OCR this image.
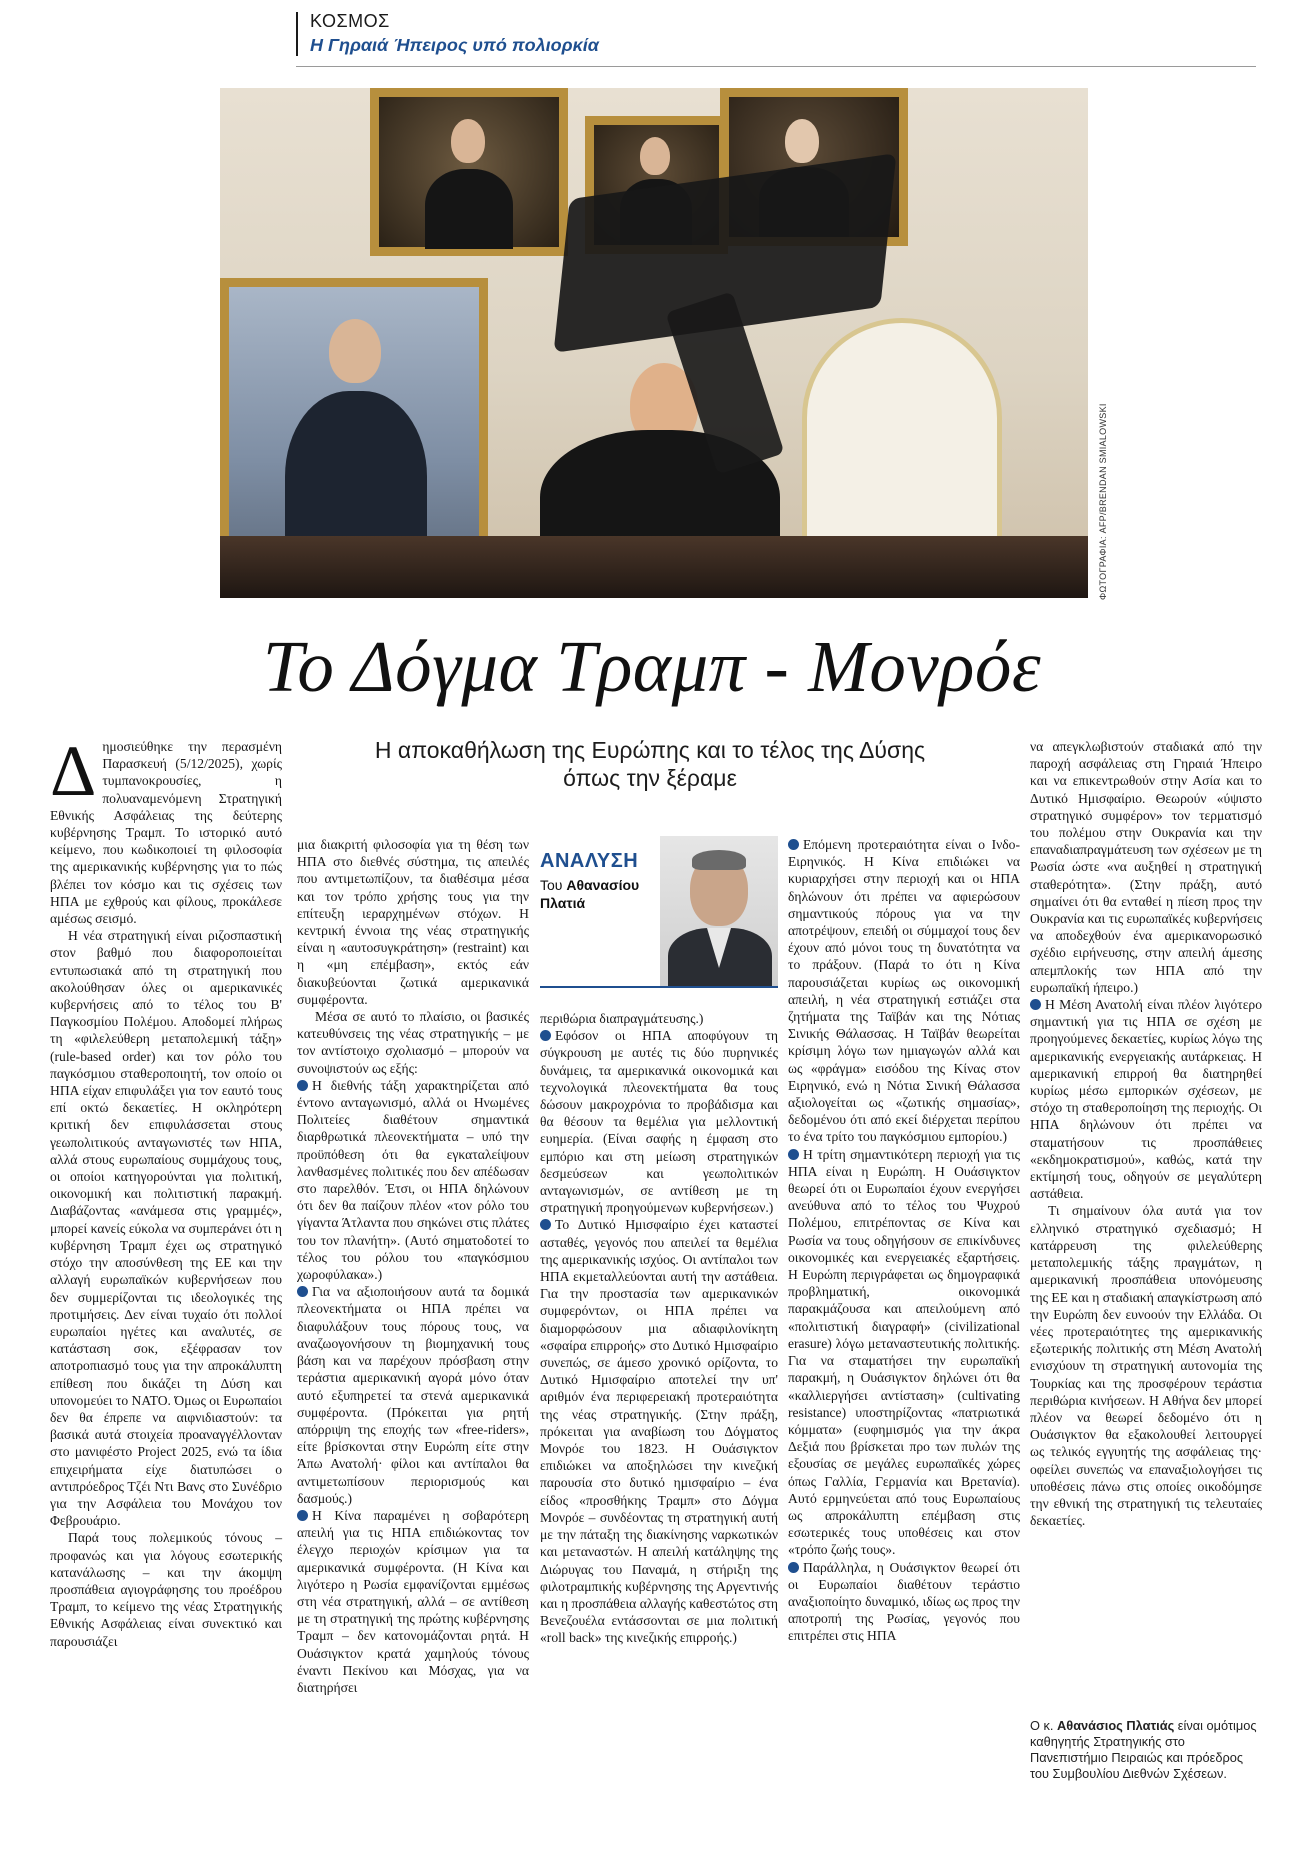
ΚΟΣΜΟΣ
Η Γηραιά Ήπειρος υπό πολιορκία
ΦΩΤΟΓΡΑΦΙΑ: AFP/BRENDAN SMIALOWSKI
Το Δόγμα Τραμπ - Μονρόε
Η αποκαθήλωση της Ευρώπης και το τέλος της Δύσης όπως την ξέραμε

Δημοσιεύθηκε την περασμένη Παρασκευή (5/12/2025), χωρίς τυμπανοκρουσίες, η πολυαναμενόμενη Στρατηγική Εθνικής Ασφάλειας της δεύτερης κυβέρνησης Τραμπ. Το ιστορικό αυτό κείμενο, που κωδικοποιεί τη φιλοσοφία της αμερικανικής κυβέρνησης για το πώς βλέπει τον κόσμο και τις σχέσεις των ΗΠΑ με εχθρούς και φίλους, προκάλεσε αμέσως σεισμό.

Η νέα στρατηγική είναι ριζοσπαστική στον βαθμό που διαφοροποιείται εντυπωσιακά από τη στρατηγική που ακολούθησαν όλες οι αμερικανικές κυβερνήσεις από το τέλος του Β' Παγκοσμίου Πολέμου. Αποδομεί πλήρως τη «φιλελεύθερη μεταπολεμική τάξη» (rule-based order) και τον ρόλο του παγκόσμιου σταθεροποιητή, τον οποίο οι ΗΠΑ είχαν επιφυλάξει για τον εαυτό τους επί οκτώ δεκαετίες. Η οκληρότερη κριτική δεν επιφυλάσσεται στους γεωπολιτικούς ανταγωνιστές των ΗΠΑ, αλλά στους ευρωπαίους συμμάχους τους, οι οποίοι κατηγορούνται για πολιτική, οικονομική και πολιτιστική παρακμή. Διαβάζοντας «ανάμεσα στις γραμμές», μπορεί κανείς εύκολα να συμπεράνει ότι η κυβέρνηση Τραμπ έχει ως στρατηγικό στόχο την αποσύνθεση της ΕΕ και την αλλαγή ευρωπαϊκών κυβερνήσεων που δεν συμμερίζονται τις ιδεολογικές της προτιμήσεις. Δεν είναι τυχαίο ότι πολλοί ευρωπαίοι ηγέτες και αναλυτές, σε κατάσταση σοκ, εξέφρασαν τον αποτροπιασμό τους για την απροκάλυπτη επίθεση που δικάζει τη Δύση και υπονομεύει το ΝΑΤΟ. Όμως οι Ευρωπαίοι δεν θα έπρεπε να αιφνιδιαστούν: τα βασικά αυτά στοιχεία προαναγγέλλονταν στο μανιφέστο Project 2025, ενώ τα ίδια επιχειρήματα είχε διατυπώσει ο αντιπρόεδρος Τζέι Ντι Βανς στο Συνέδριο για την Ασφάλεια του Μονάχου τον Φεβρουάριο.

Παρά τους πολεμικούς τόνους – προφανώς και για λόγους εσωτερικής κατανάλωσης – και την άκομψη προσπάθεια αγιογράφησης του προέδρου Τραμπ, το κείμενο της νέας Στρατηγικής Εθνικής Ασφάλειας είναι συνεκτικό και παρουσιάζει

μια διακριτή φιλοσοφία για τη θέση των ΗΠΑ στο διεθνές σύστημα, τις απειλές που αντιμετωπίζουν, τα διαθέσιμα μέσα και τον τρόπο χρήσης τους για την επίτευξη ιεραρχημένων στόχων. Η κεντρική έννοια της νέας στρατηγικής είναι η «αυτοσυγκράτηση» (restraint) και η «μη επέμβαση», εκτός εάν διακυβεύονται ζωτικά αμερικανικά συμφέροντα.

Μέσα σε αυτό το πλαίσιο, οι βασικές κατευθύνσεις της νέας στρατηγικής – με τον αντίστοιχο σχολιασμό – μπορούν να συνοψιστούν ως εξής:

Η διεθνής τάξη χαρακτηρίζεται από έντονο ανταγωνισμό, αλλά οι Ηνωμένες Πολιτείες διαθέτουν σημαντικά διαρθρωτικά πλεονεκτήματα – υπό την προϋπόθεση ότι θα εγκαταλείψουν λανθασμένες πολιτικές που δεν απέδωσαν στο παρελθόν. Έτσι, οι ΗΠΑ δηλώνουν ότι δεν θα παίζουν πλέον «τον ρόλο του γίγαντα Άτλαντα που σηκώνει στις πλάτες του τον πλανήτη». (Αυτό σηματοδοτεί το τέλος του ρόλου του «παγκόσμιου χωροφύλακα».)

Για να αξιοποιήσουν αυτά τα δομικά πλεονεκτήματα οι ΗΠΑ πρέπει να διαφυλάξουν τους πόρους τους, να αναζωογονήσουν τη βιομηχανική τους βάση και να παρέχουν πρόσβαση στην τεράστια αμερικανική αγορά μόνο όταν αυτό εξυπηρετεί τα στενά αμερικανικά συμφέροντα. (Πρόκειται για ρητή απόρριψη της εποχής των «free-riders», είτε βρίσκονται στην Ευρώπη είτε στην Άπω Ανατολή· φίλοι και αντίπαλοι θα αντιμετωπίσουν περιορισμούς και δασμούς.)

Η Κίνα παραμένει η σοβαρότερη απειλή για τις ΗΠΑ επιδιώκοντας τον έλεγχο περιοχών κρίσιμων για τα αμερικανικά συμφέροντα. (Η Κίνα και λιγότερο η Ρωσία εμφανίζονται εμμέσως στη νέα στρατηγική, αλλά – σε αντίθεση με τη στρατηγική της πρώτης κυβέρνησης Τραμπ – δεν κατονομάζονται ρητά. Η Ουάσιγκτον κρατά χαμηλούς τόνους έναντι Πεκίνου και Μόσχας, για να διατηρήσει

ΑΝΑΛΥΣΗ
Του Αθανασίου Πλατιά

περιθώρια διαπραγμάτευσης.)

Εφόσον οι ΗΠΑ αποφύγουν τη σύγκρουση με αυτές τις δύο πυρηνικές δυνάμεις, τα αμερικανικά οικονομικά και τεχνολογικά πλεονεκτήματα θα τους δώσουν μακροχρόνια το προβάδισμα και θα θέσουν τα θεμέλια για μελλοντική ευημερία. (Είναι σαφής η έμφαση στο εμπόριο και στη μείωση στρατηγικών δεσμεύσεων και γεωπολιτικών ανταγωνισμών, σε αντίθεση με τη στρατηγική προηγούμενων κυβερνήσεων.)

Το Δυτικό Ημισφαίριο έχει καταστεί ασταθές, γεγονός που απειλεί τα θεμέλια της αμερικανικής ισχύος. Οι αντίπαλοι των ΗΠΑ εκμεταλλεύονται αυτή την αστάθεια. Για την προστασία των αμερικανικών συμφερόντων, οι ΗΠΑ πρέπει να διαμορφώσουν μια αδιαφιλονίκητη «σφαίρα επιρροής» στο Δυτικό Ημισφαίριο συνεπώς, σε άμεσο χρονικό ορίζοντα, το Δυτικό Ημισφαίριο αποτελεί την υπ' αριθμόν ένα περιφερειακή προτεραιότητα της νέας στρατηγικής. (Στην πράξη, πρόκειται για αναβίωση του Δόγματος Μονρόε του 1823. Η Ουάσιγκτον επιδιώκει να αποξηλώσει την κινεζική παρουσία στο δυτικό ημισφαίριο – ένα είδος «προσθήκης Τραμπ» στο Δόγμα Μονρόε – συνδέοντας τη στρατηγική αυτή με την πάταξη της διακίνησης ναρκωτικών και μεταναστών. Η απειλή κατάληψης της Διώρυγας του Παναμά, η στήριξη της φιλοτραμπικής κυβέρνησης της Αργεντινής και η προσπάθεια αλλαγής καθεστώτος στη Βενεζουέλα εντάσσονται σε μια πολιτική «roll back» της κινεζικής επιρροής.)

Επόμενη προτεραιότητα είναι ο Ινδο-Ειρηνικός. Η Κίνα επιδιώκει να κυριαρχήσει στην περιοχή και οι ΗΠΑ δηλώνουν ότι πρέπει να αφιερώσουν σημαντικούς πόρους για να την αποτρέψουν, επειδή οι σύμμαχοί τους δεν έχουν από μόνοι τους τη δυνατότητα να το πράξουν. (Παρά το ότι η Κίνα παρουσιάζεται κυρίως ως οικονομική απειλή, η νέα στρατηγική εστιάζει στα ζητήματα της Ταϊβάν και της Νότιας Σινικής Θάλασσας. Η Ταϊβάν θεωρείται κρίσιμη λόγω των ημιαγωγών αλλά και ως «φράγμα» εισόδου της Κίνας στον Ειρηνικό, ενώ η Νότια Σινική Θάλασσα αξιολογείται ως «ζωτικής σημασίας», δεδομένου ότι από εκεί διέρχεται περίπου το ένα τρίτο του παγκόσμιου εμπορίου.)

Η τρίτη σημαντικότερη περιοχή για τις ΗΠΑ είναι η Ευρώπη. Η Ουάσιγκτον θεωρεί ότι οι Ευρωπαίοι έχουν ενεργήσει ανεύθυνα από το τέλος του Ψυχρού Πολέμου, επιτρέποντας σε Κίνα και Ρωσία να τους οδηγήσουν σε επικίνδυνες οικονομικές και ενεργειακές εξαρτήσεις. Η Ευρώπη περιγράφεται ως δημογραφικά προβληματική, οικονομικά παρακμάζουσα και απειλούμενη από «πολιτιστική διαγραφή» (civilizational erasure) λόγω μεταναστευτικής πολιτικής. Για να σταματήσει την ευρωπαϊκή παρακμή, η Ουάσιγκτον δηλώνει ότι θα «καλλιεργήσει αντίσταση» (cultivating resistance) υποστηρίζοντας «πατριωτικά κόμματα» (ευφημισμός για την άκρα Δεξιά που βρίσκεται προ των πυλών της εξουσίας σε μεγάλες ευρωπαϊκές χώρες όπως Γαλλία, Γερμανία και Βρετανία). Αυτό ερμηνεύεται από τους Ευρωπαίους ως απροκάλυπτη επέμβαση στις εσωτερικές τους υποθέσεις και στον «τρόπο ζωής τους».

Παράλληλα, η Ουάσιγκτον θεωρεί ότι οι Ευρωπαίοι διαθέτουν τεράστιο αναξιοποίητο δυναμικό, ιδίως ως προς την αποτροπή της Ρωσίας, γεγονός που επιτρέπει στις ΗΠΑ

να απεγκλωβιστούν σταδιακά από την παροχή ασφάλειας στη Γηραιά Ήπειρο και να επικεντρωθούν στην Ασία και το Δυτικό Ημισφαίριο. Θεωρούν «ύψιστο στρατηγικό συμφέρον» τον τερματισμό του πολέμου στην Ουκρανία και την επαναδιαπραγμάτευση των σχέσεων με τη Ρωσία ώστε «να αυξηθεί η στρατηγική σταθερότητα». (Στην πράξη, αυτό σημαίνει ότι θα ενταθεί η πίεση προς την Ουκρανία και τις ευρωπαϊκές κυβερνήσεις να αποδεχθούν ένα αμερικανορωσικό σχέδιο ειρήνευσης, στην απειλή άμεσης απεμπλοκής των ΗΠΑ από την ευρωπαϊκή ήπειρο.)

Η Μέση Ανατολή είναι πλέον λιγότερο σημαντική για τις ΗΠΑ σε σχέση με προηγούμενες δεκαετίες, κυρίως λόγω της αμερικανικής ενεργειακής αυτάρκειας. Η αμερικανική επιρροή θα διατηρηθεί κυρίως μέσω εμπορικών σχέσεων, με στόχο τη σταθεροποίηση της περιοχής. Οι ΗΠΑ δηλώνουν ότι πρέπει να σταματήσουν τις προσπάθειες «εκδημοκρατισμού», καθώς, κατά την εκτίμησή τους, οδηγούν σε μεγαλύτερη αστάθεια.

Τι σημαίνουν όλα αυτά για τον ελληνικό στρατηγικό σχεδιασμό; Η κατάρρευση της φιλελεύθερης μεταπολεμικής τάξης πραγμάτων, η αμερικανική προσπάθεια υπονόμευσης της ΕΕ και η σταδιακή απαγκίστρωση από την Ευρώπη δεν ευνοούν την Ελλάδα. Οι νέες προτεραιότητες της αμερικανικής εξωτερικής πολιτικής στη Μέση Ανατολή ενισχύουν τη στρατηγική αυτονομία της Τουρκίας και της προσφέρουν τεράστια περιθώρια κινήσεων. Η Αθήνα δεν μπορεί πλέον να θεωρεί δεδομένο ότι η Ουάσιγκτον θα εξακολουθεί λειτουργεί ως τελικός εγγυητής της ασφάλειας της· οφείλει συνεπώς να επαναξιολογήσει τις υποθέσεις πάνω στις οποίες οικοδόμησε την εθνική της στρατηγική τις τελευταίες δεκαετίες.

Ο κ. Αθανάσιος Πλατιάς είναι ομότιμος καθηγητής Στρατηγικής στο Πανεπιστήμιο Πειραιώς και πρόεδρος του Συμβουλίου Διεθνών Σχέσεων.
